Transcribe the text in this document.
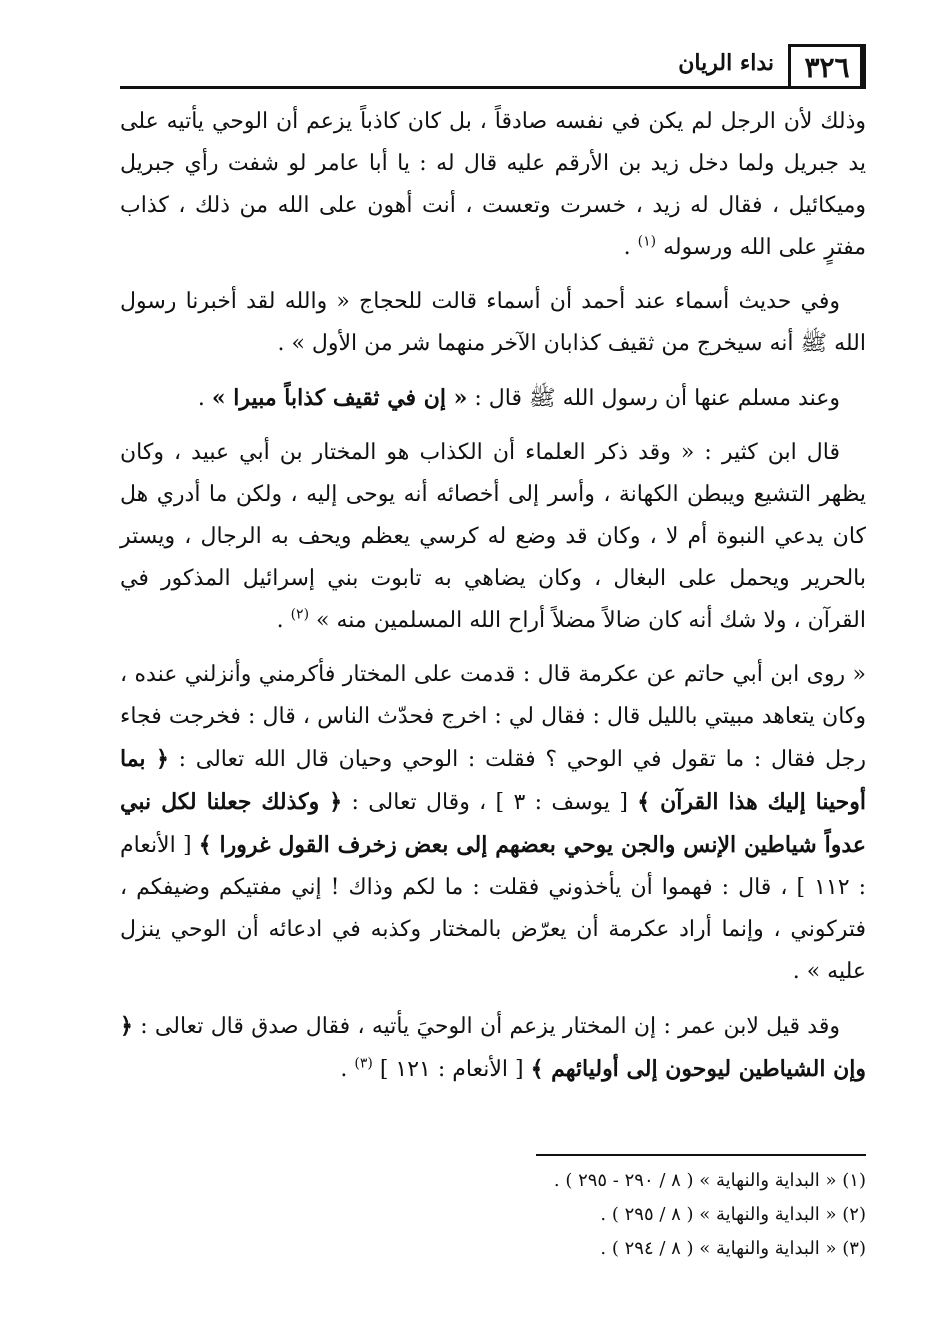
٣٢٦
نداء الريان

وذلك لأن الرجل لم يكن في نفسه صادقاً ، بل كان كاذباً يزعم أن الوحي يأتيه على يد جبريل ولما دخل زيد بن الأرقم عليه قال له : يا أبا عامر لو شفت رأي جبريل وميكائيل ، فقال له زيد ، خسرت وتعست ، أنت أهون على الله من ذلك ، كذاب مفترٍ على الله ورسوله $^{(١)}$ .

وفي حديث أسماء عند أحمد أن أسماء قالت للحجاج « والله لقد أخبرنا رسول الله ﷺ أنه سيخرج من ثقيف كذابان الآخر منهما شر من الأول » .

وعند مسلم عنها أن رسول الله ﷺ قال : « إن في ثقيف كذاباً مبيرا » .

قال ابن كثير : « وقد ذكر العلماء أن الكذاب هو المختار بن أبي عبيد ، وكان يظهر التشيع ويبطن الكهانة ، وأسر إلى أخصائه أنه يوحى إليه ، ولكن ما أدري هل كان يدعي النبوة أم لا ، وكان قد وضع له كرسي يعظم ويحف به الرجال ، ويستر بالحرير ويحمل على البغال ، وكان يضاهي به تابوت بني إسرائيل المذكور في القرآن ، ولا شك أنه كان ضالاً مضلاً أراح الله المسلمين منه » $^{(٢)}$ .

« روى ابن أبي حاتم عن عكرمة قال : قدمت على المختار فأكرمني وأنزلني عنده ، وكان يتعاهد مبيتي بالليل قال : فقال لي : اخرج فحدّث الناس ، قال : فخرجت فجاء رجل فقال : ما تقول في الوحي ؟ فقلت : الوحي وحيان قال الله تعالى : ﴿ بما أوحينا إليك هذا القرآن ﴾ [ يوسف : ٣ ] ، وقال تعالى : ﴿ وكذلك جعلنا لكل نبي عدواً شياطين الإنس والجن يوحي بعضهم إلى بعض زخرف القول غرورا ﴾ [ الأنعام : ١١٢ ] ، قال : فهموا أن يأخذوني فقلت : ما لكم وذاك ! إني مفتيكم وضيفكم ، فتركوني ، وإنما أراد عكرمة أن يعرّض بالمختار وكذبه في ادعائه أن الوحي ينزل عليه » .

وقد قيل لابن عمر : إن المختار يزعم أن الوحيَ يأتيه ، فقال صدق قال تعالى : ﴿ وإن الشياطين ليوحون إلى أوليائهم ﴾ [ الأنعام : ١٢١ ] $^{(٣)}$ .

(١) « البداية والنهاية » ( ٨ / ٢٩٠ - ٢٩٥ ) .
(٢) « البداية والنهاية » ( ٨ / ٢٩٥ ) .
(٣) « البداية والنهاية » ( ٨ / ٢٩٤ ) .
